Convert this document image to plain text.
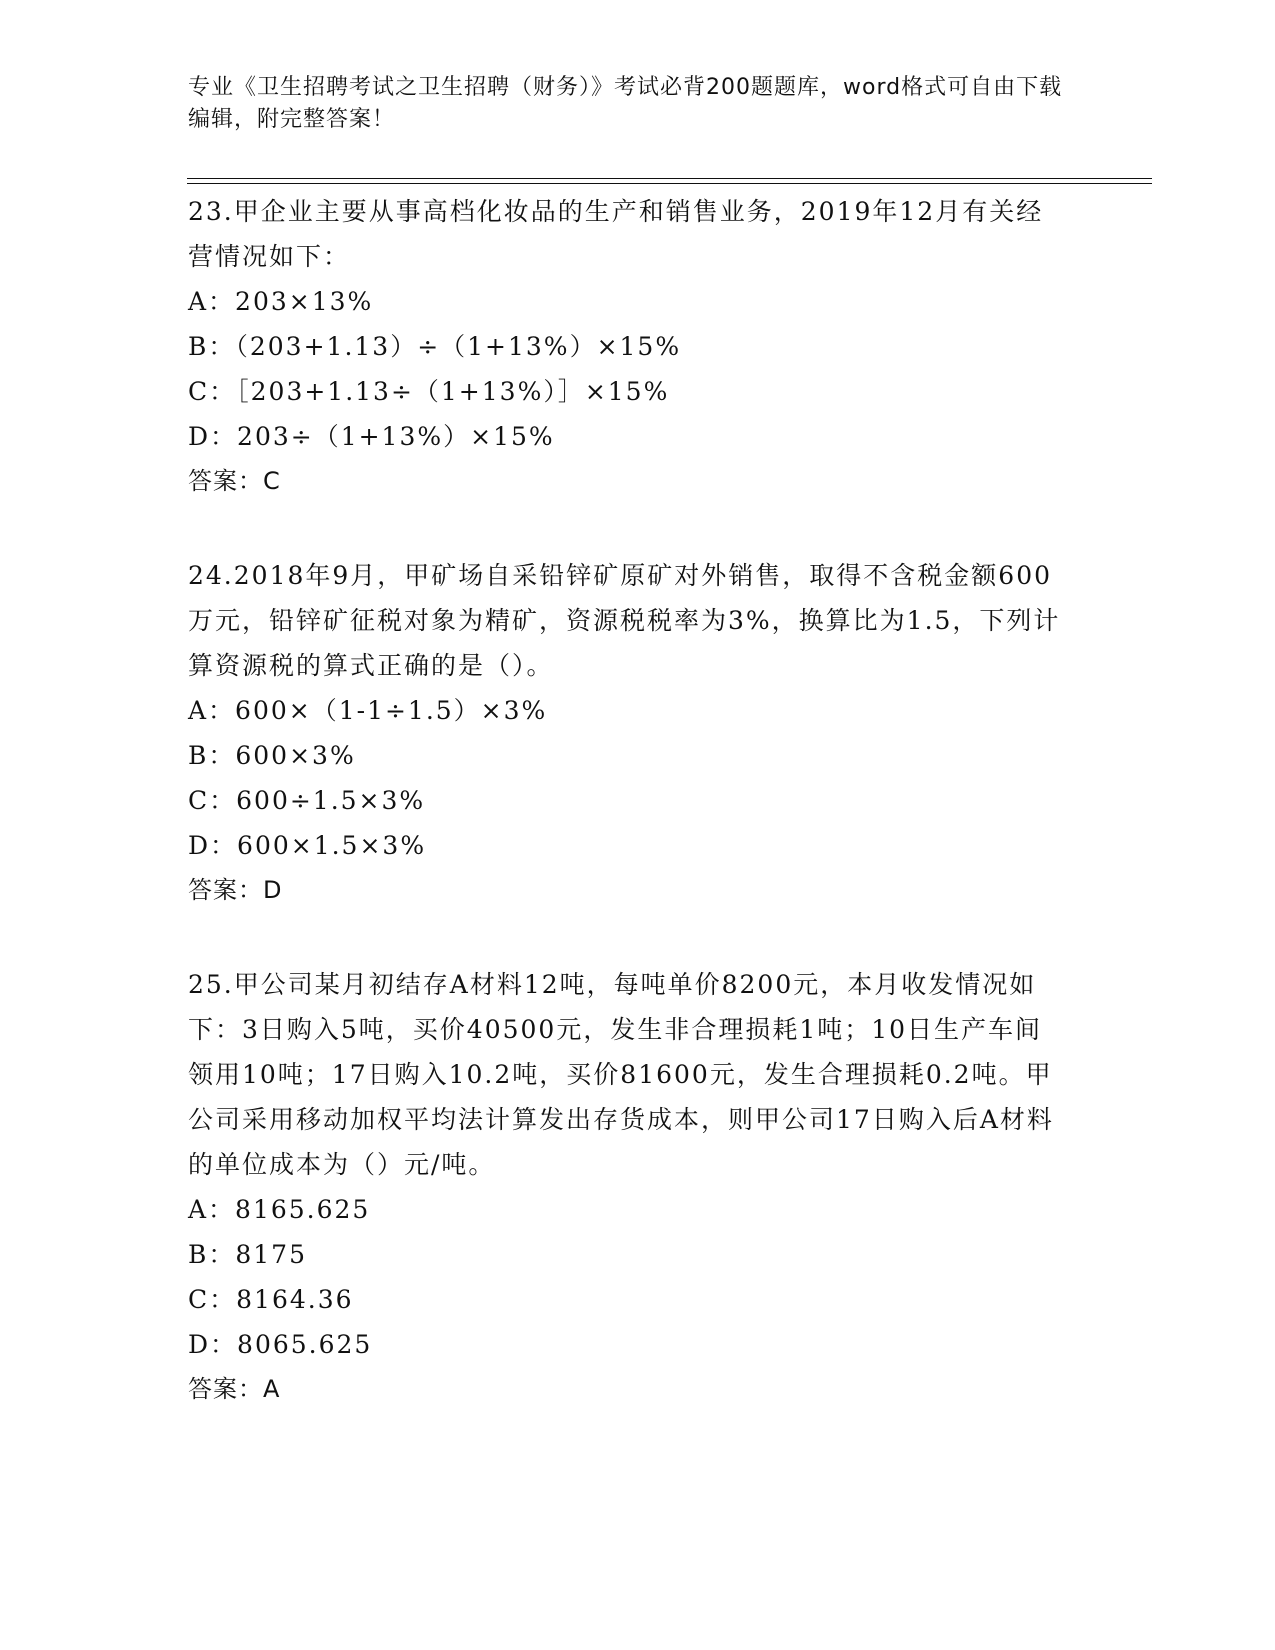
专业《卫生招聘考试之卫生招聘（财务）》考试必背200题题库，word格式可自由下载编辑，附完整答案！

23.甲企业主要从事高档化妆品的生产和销售业务，2019年12月有关经营情况如下：

A：203×13%

B：（203+1.13）÷（1+13%）×15%

C：［203+1.13÷（1+13%）］×15%

D：203÷（1+13%）×15%

答案：C

24.2018年9月，甲矿场自采铅锌矿原矿对外销售，取得不含税金额600万元，铅锌矿征税对象为精矿，资源税税率为3%，换算比为1.5，下列计算资源税的算式正确的是（）。

A：600×（1-1÷1.5）×3%

B：600×3%

C：600÷1.5×3%

D：600×1.5×3%

答案：D

25.甲公司某月初结存A材料12吨，每吨单价8200元，本月收发情况如下：3日购入5吨，买价40500元，发生非合理损耗1吨；10日生产车间领用10吨；17日购入10.2吨，买价81600元，发生合理损耗0.2吨。甲公司采用移动加权平均法计算发出存货成本，则甲公司17日购入后A材料的单位成本为（）元/吨。

A：8165.625

B：8175

C：8164.36

D：8065.625

答案：A
